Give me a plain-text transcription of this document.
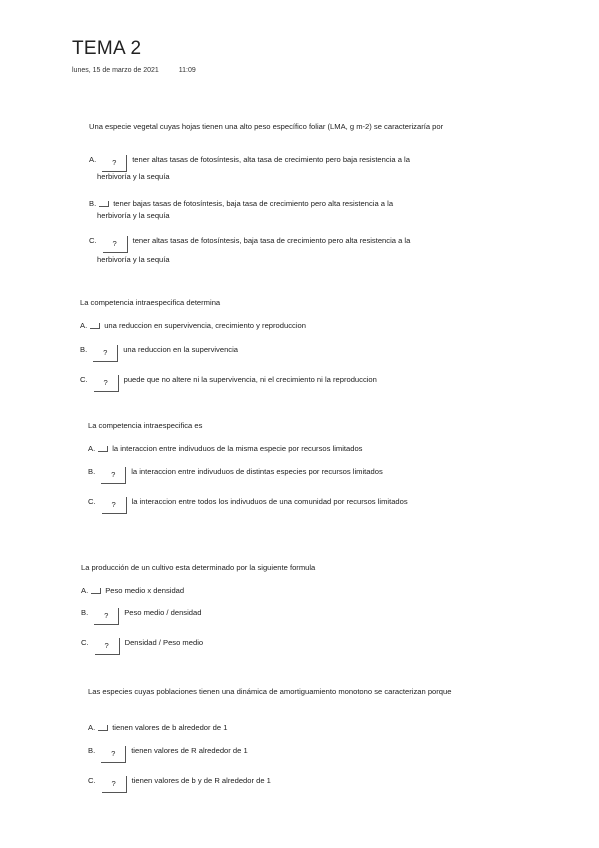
TEMA 2
lunes, 15 de marzo de 2021	11:09

Una especie vegetal cuyas hojas tienen una alto peso específico foliar (LMA, g m-2) se caracterizaría por

A. ? tener altas tasas de fotosíntesis, alta tasa de crecimiento pero baja resistencia a la
herbivoría y la sequía
B. tener bajas tasas de fotosíntesis, baja tasa de crecimiento pero alta resistencia a la
herbivoría y la sequía
C. ? tener altas tasas de fotosíntesis, baja tasa de crecimiento pero alta resistencia a la
herbivoría y la sequía

La competencia intraespecifica determina

A. una reduccion en supervivencia, crecimiento y reproduccion
B. ? una reduccion en la supervivencia
C. ? puede que no altere ni la supervivencia, ni el crecimiento ni la reproduccion

La competencia intraespecifica es

A. la interaccion entre indivuduos de la misma especie por recursos limitados
B. ? la interaccion entre indivuduos de distintas especies por recursos limitados
C. ? la interaccion entre todos los indivuduos de una comunidad por recursos limitados

La producción de un cultivo esta determinado por la siguiente formula

A. Peso medio x densidad
B. ? Peso medio / densidad
C. ? Densidad / Peso medio

Las especies cuyas poblaciones tienen una dinámica de amortiguamiento monotono se caracterizan porque

A. tienen valores de b alrededor de 1
B. ? tienen valores de R alrededor de 1
C. ? tienen valores de b y de R alrededor de 1
